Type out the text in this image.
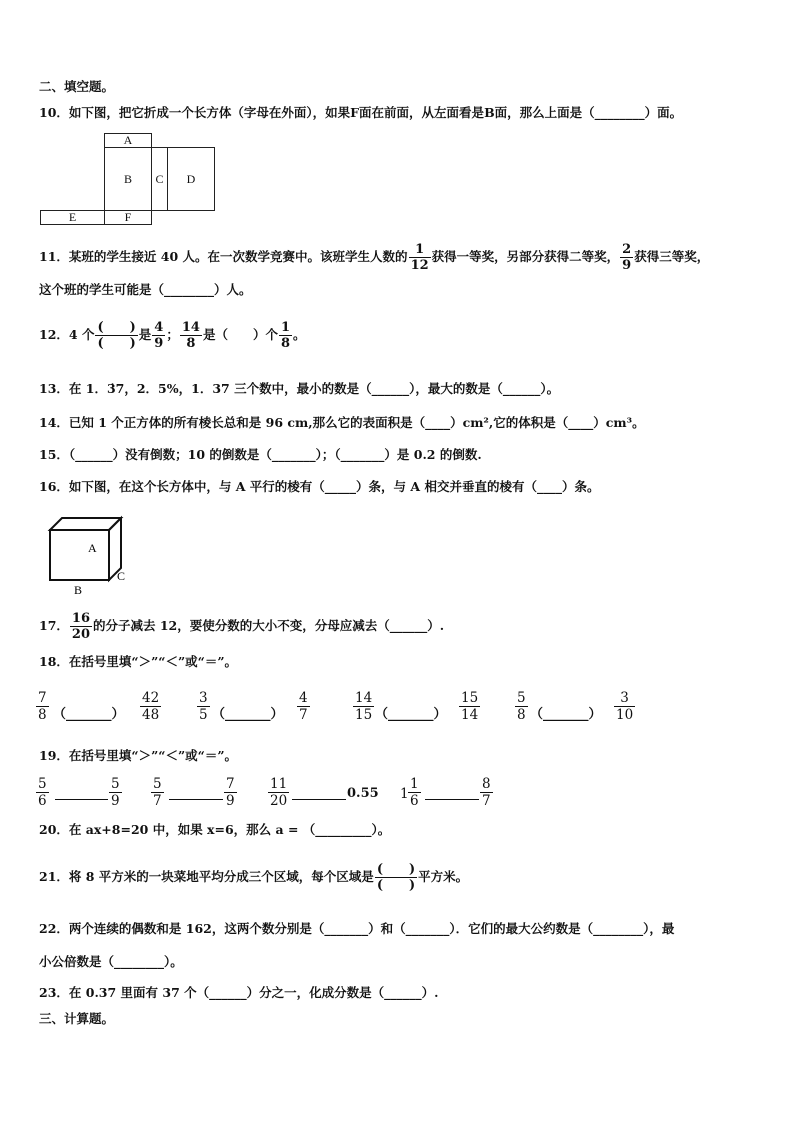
二、填空题。
10．如下图，把它折成一个长方体（字母在外面），如果F面在前面，从左面看是B面，那么上面是（________）面。
A
B	C	D
E	F
11．某班的学生接近 40 人。在一次数学竞赛中。该班学生人数的 $\frac{1}{12}$ 获得一等奖，另部分获得二等奖， $\frac{2}{9}$ 获得三等奖，
这个班的学生可能是（________）人。
12．4 个 $\frac{( )}{( )}$ 是 $\frac{4}{9}$ ； $\frac{14}{8}$ 是（　　）个 $\frac{1}{8}$ 。
13．在 1．3̇7，2．5%，1．37 三个数中，最小的数是（______），最大的数是（______）。
14．已知 1 个正方体的所有棱长总和是 96 cm,那么它的表面积是（____）cm²,它的体积是（____）cm³。
15．（______）没有倒数；10 的倒数是（_______）；（_______）是 0.2 的倒数.
16．如下图，在这个长方体中，与 A 平行的棱有（_____）条，与 A 相交并垂直的棱有（____）条。
A
B
C
17． $\frac{16}{20}$ 的分子减去 12，要使分数的大小不变，分母应减去（______）.
18．在括号里填“＞”“＜”或“＝”。
$\frac{7}{8}$ （_______） $\frac{42}{48}$	$\frac{3}{5}$ （_______） $\frac{4}{7}$	$\frac{14}{15}$ （_______） $\frac{15}{14}$	$\frac{5}{8}$ （_______） $\frac{3}{10}$
19．在括号里填“＞”“＜”或“＝”。
$\frac{5}{6}$	$\frac{5}{9} \frac{5}{7}$	$\frac{7}{9} \frac{11}{20}$	0.55 $1 \frac{1}{6}$	$\frac{8}{7}$
20．在 ax+8=20 中，如果 x=6，那么 a = （_________）。
21．将 8 平方米的一块菜地平均分成三个区域，每个区域是 $\frac{( )}{( )}$ 平方米。
22．两个连续的偶数和是 162，这两个数分别是（_______）和（_______）．它们的最大公约数是（________），最
小公倍数是（________）。
23．在 0.37 里面有 37 个（______）分之一，化成分数是（______）.
三、计算题。
